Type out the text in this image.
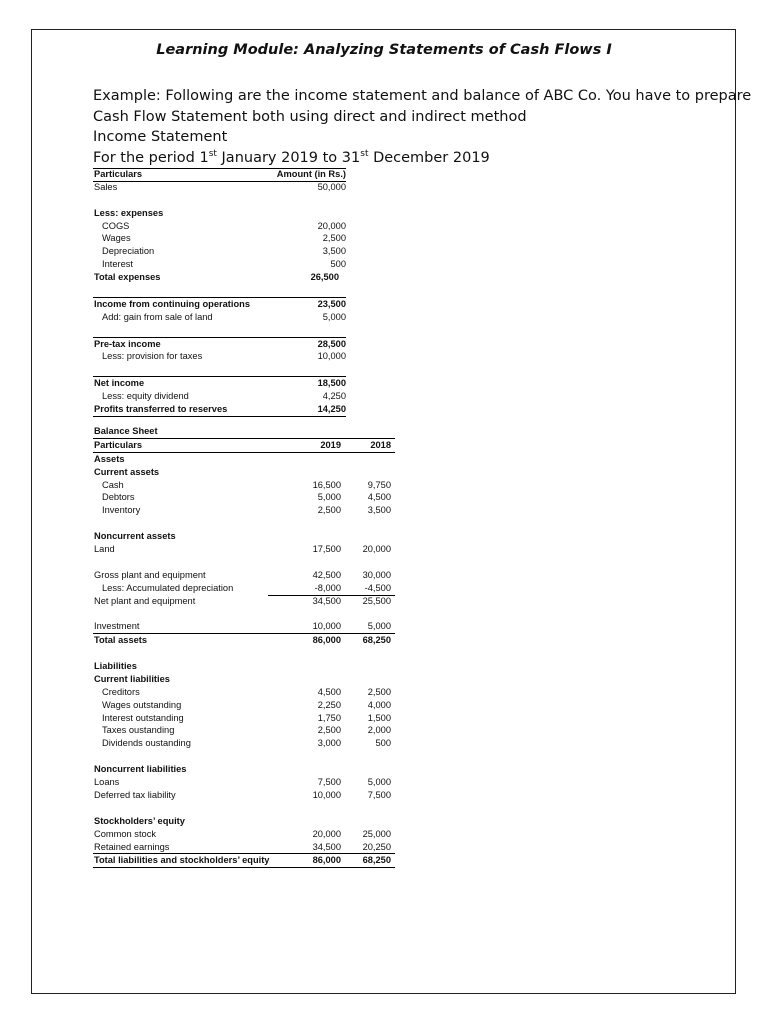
Learning Module: Analyzing Statements of Cash Flows I
Example: Following are the income statement and balance of ABC Co. You have to prepare
Cash Flow Statement both using direct and indirect method
Income Statement
For the period 1st January 2019 to 31st December 2019
Particulars	Amount (in Rs.)
Sales	50,000
Less: expenses
COGS	20,000
Wages	2,500
Depreciation	3,500
Interest	500
Total expenses	26,500
Income from continuing operations	23,500
Add: gain from sale of land	5,000
Pre-tax income	28,500
Less: provision for taxes	10,000
Net income	18,500
Less: equity dividend	4,250
Profits transferred to reserves	14,250
Balance Sheet
Particulars	2019	2018
Assets
Current assets
Cash	16,500	9,750
Debtors	5,000	4,500
Inventory	2,500	3,500
Noncurrent assets
Land	17,500 20,000
Gross plant and equipment	42,500 30,000
Less: Accumulated depreciation	-8,000	-4,500
Net plant and equipment	34,500 25,500
Investment	10,000	5,000
Total assets	86,000 68,250
Liabilities
Current liabilities
Creditors	4,500	2,500
Wages outstanding	2,250	4,000
Interest outstanding	1,750	1,500
Taxes oustanding	2,500	2,000
Dividends oustanding	3,000	500
Noncurrent liabilities
Loans	7,500	5,000
Deferred tax liability	10,000	7,500
Stockholders’ equity
Common stock	20,000 25,000
Retained earnings	34,500 20,250
Total liabilities and stockholders’ equity	86,000 68,250
